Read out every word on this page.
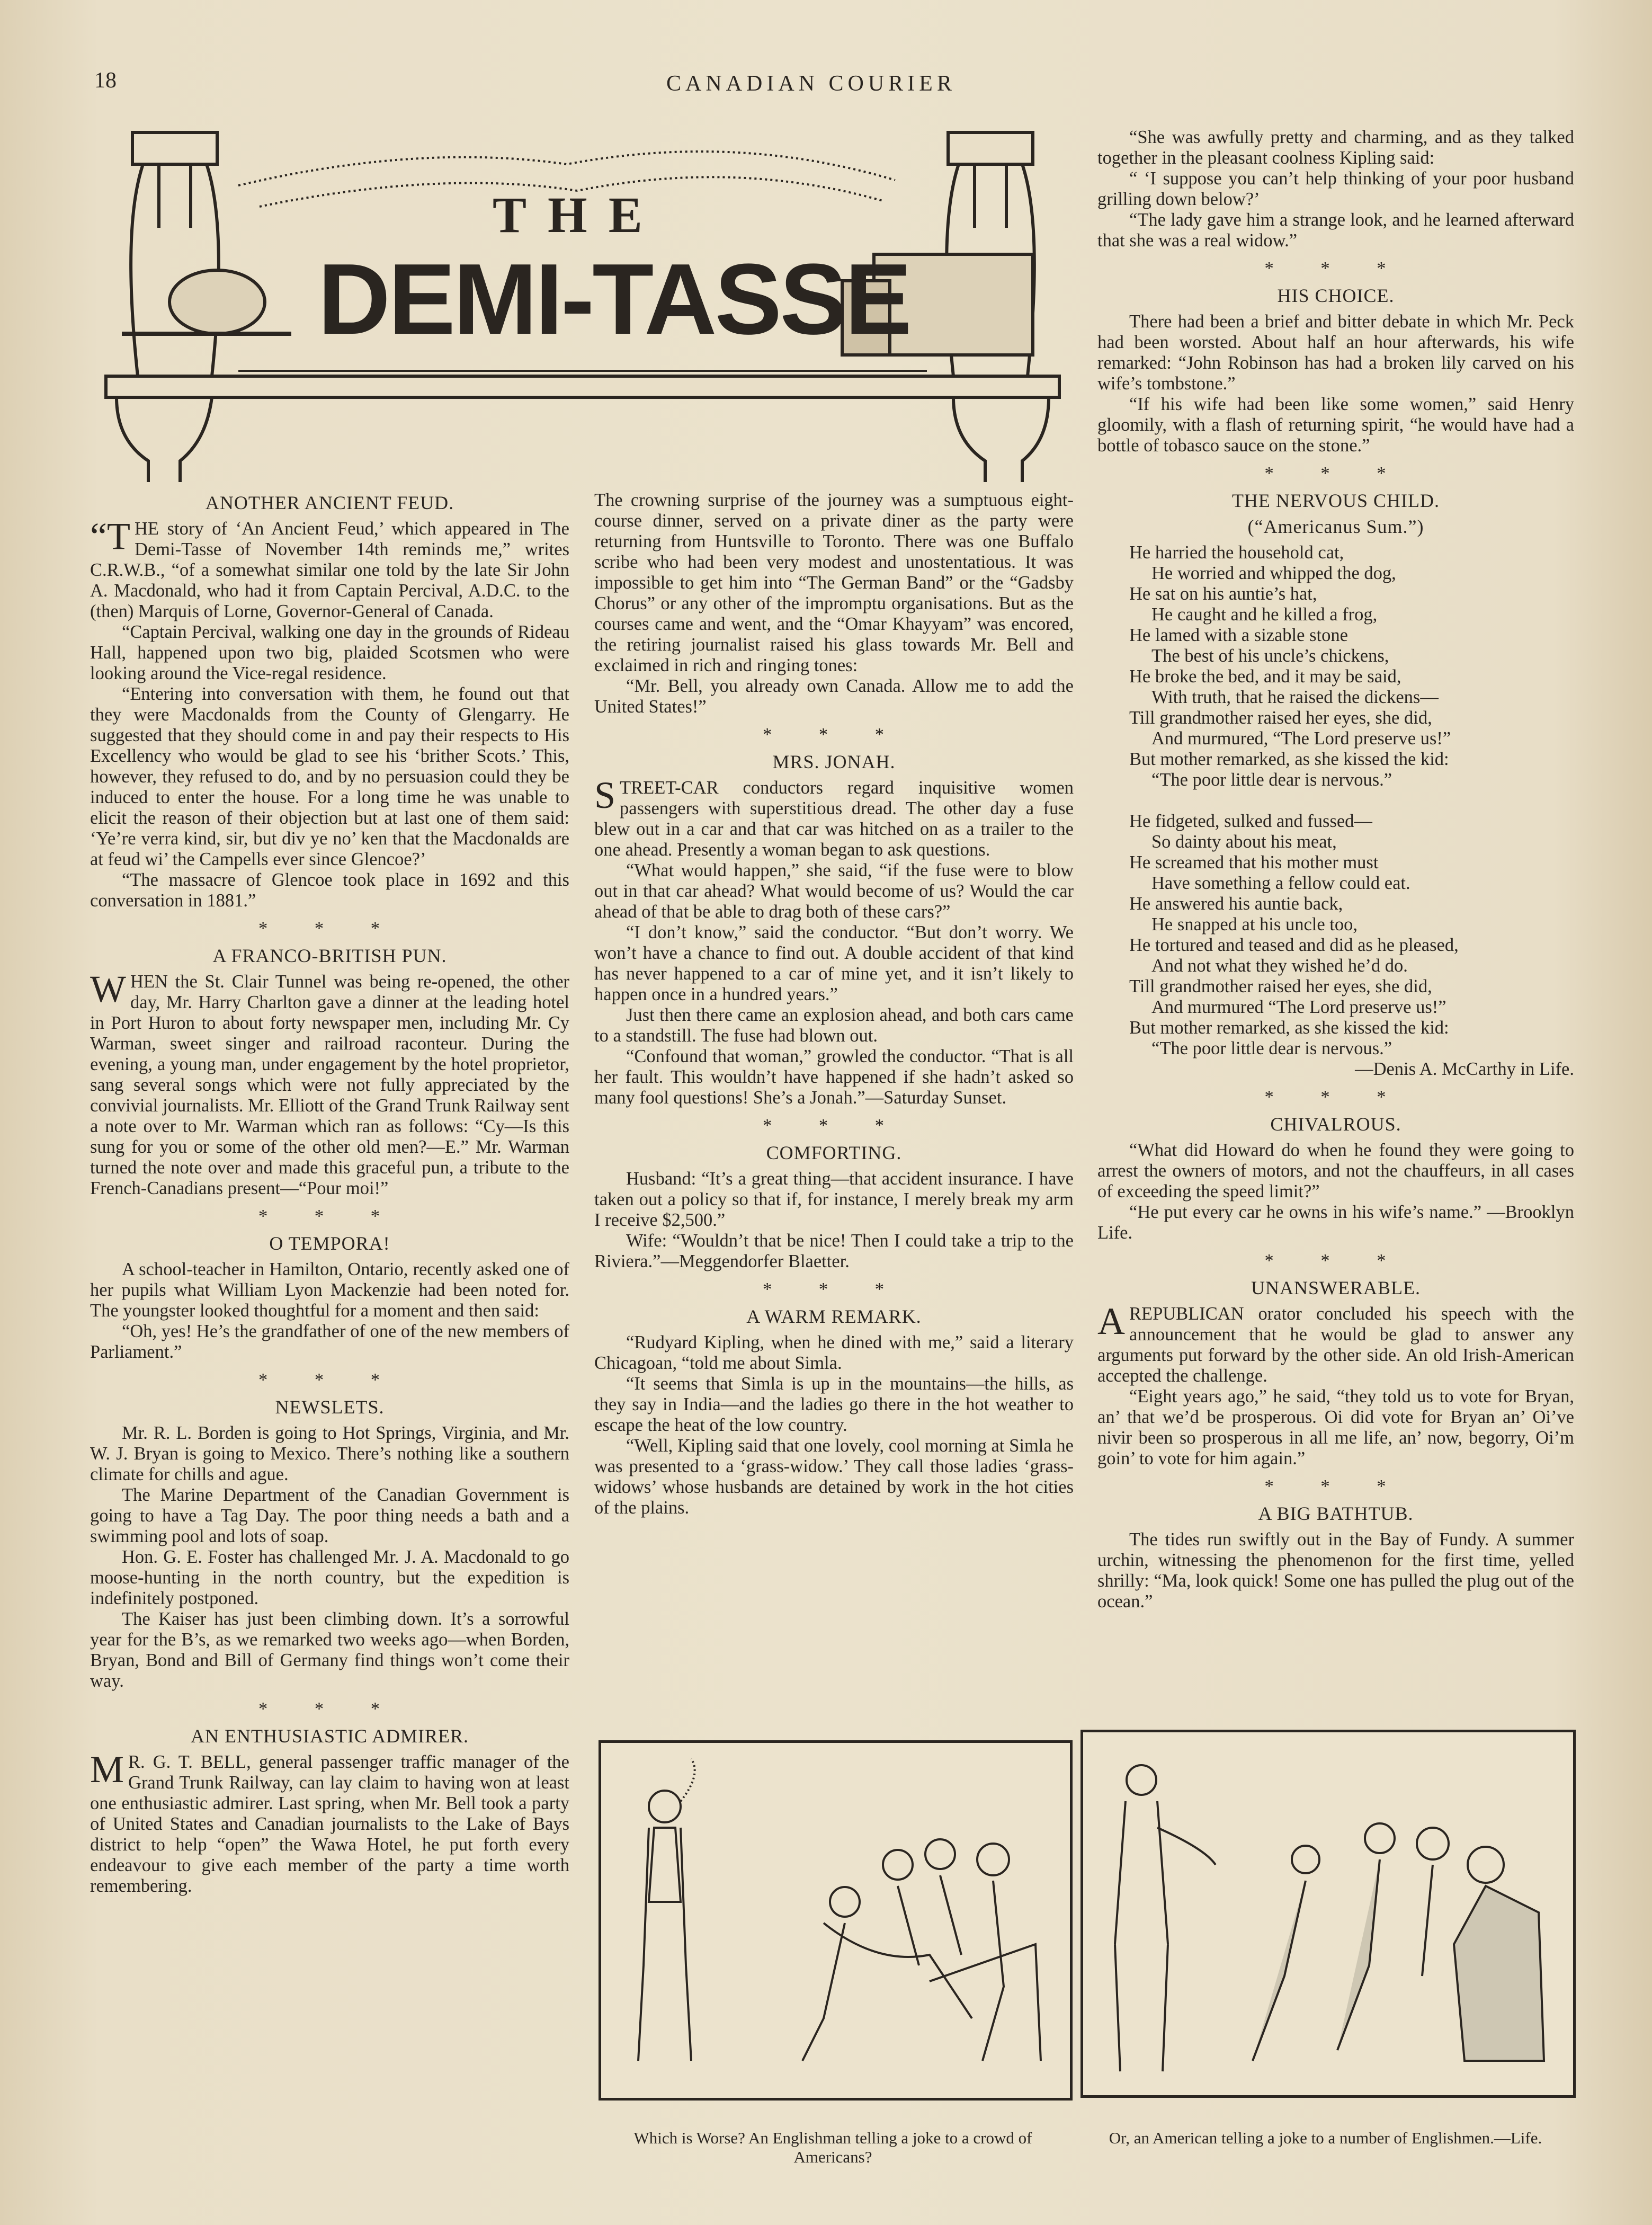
18	CANADIAN COURIER
THE
DEMI-TASSE
ANOTHER ANCIENT FEUD.

“THE story of ‘An Ancient Feud,’ which appeared in The Demi-Tasse of November 14th reminds me,” writes C.R.W.B., “of a somewhat similar one told by the late Sir John A. Macdonald, who had it from Captain Percival, A.D.C. to the (then) Marquis of Lorne, Governor-General of Canada.

“Captain Percival, walking one day in the grounds of Rideau Hall, happened upon two big, plaided Scotsmen who were looking around the Vice-regal residence.

“Entering into conversation with them, he found out that they were Macdonalds from the County of Glengarry. He suggested that they should come in and pay their respects to His Excellency who would be glad to see his ‘brither Scots.’ This, however, they refused to do, and by no persuasion could they be induced to enter the house. For a long time he was unable to elicit the reason of their objection but at last one of them said: ‘Ye’re verra kind, sir, but div ye no’ ken that the Macdonalds are at feud wi’ the Campells ever since Glencoe?’

“The massacre of Glencoe took place in 1692 and this conversation in 1881.”

* * *
A FRANCO-BRITISH PUN.

WHEN the St. Clair Tunnel was being re-opened, the other day, Mr. Harry Charlton gave a dinner at the leading hotel in Port Huron to about forty newspaper men, including Mr. Cy Warman, sweet singer and railroad raconteur. During the evening, a young man, under engagement by the hotel proprietor, sang several songs which were not fully appreciated by the convivial journalists. Mr. Elliott of the Grand Trunk Railway sent a note over to Mr. Warman which ran as follows: “Cy—Is this sung for you or some of the other old men?—E.” Mr. Warman turned the note over and made this graceful pun, a tribute to the French-Canadians present—“Pour moi!”

* * *
O TEMPORA!

A school-teacher in Hamilton, Ontario, recently asked one of her pupils what William Lyon Mackenzie had been noted for. The youngster looked thoughtful for a moment and then said:

“Oh, yes! He’s the grandfather of one of the new members of Parliament.”

* * *
NEWSLETS.

Mr. R. L. Borden is going to Hot Springs, Virginia, and Mr. W. J. Bryan is going to Mexico. There’s nothing like a southern climate for chills and ague.

The Marine Department of the Canadian Government is going to have a Tag Day. The poor thing needs a bath and a swimming pool and lots of soap.

Hon. G. E. Foster has challenged Mr. J. A. Macdonald to go moose-hunting in the north country, but the expedition is indefinitely postponed.

The Kaiser has just been climbing down. It’s a sorrowful year for the B’s, as we remarked two weeks ago—when Borden, Bryan, Bond and Bill of Germany find things won’t come their way.

* * *
AN ENTHUSIASTIC ADMIRER.

M R. G. T. BELL, general passenger traffic manager of the Grand Trunk Railway, can lay claim to having won at least one enthusiastic admirer. Last spring, when Mr. Bell took a party of United States and Canadian journalists to the Lake of Bays district to help “open” the Wawa Hotel, he put forth every endeavour to give each member of the party a time worth remembering.

The crowning surprise of the journey was a sumptuous eight-course dinner, served on a private diner as the party were returning from Huntsville to Toronto. There was one Buffalo scribe who had been very modest and unostentatious. It was impossible to get him into “The German Band” or the “Gadsby Chorus” or any other of the impromptu organisations. But as the courses came and went, and the “Omar Khayyam” was encored, the retiring journalist raised his glass towards Mr. Bell and exclaimed in rich and ringing tones:

“Mr. Bell, you already own Canada. Allow me to add the United States!”

* * *
MRS. JONAH.

STREET-CAR conductors regard inquisitive women passengers with superstitious dread. The other day a fuse blew out in a car and that car was hitched on as a trailer to the one ahead. Presently a woman began to ask questions.

“What would happen,” she said, “if the fuse were to blow out in that car ahead? What would become of us? Would the car ahead of that be able to drag both of these cars?”

“I don’t know,” said the conductor. “But don’t worry. We won’t have a chance to find out. A double accident of that kind has never happened to a car of mine yet, and it isn’t likely to happen once in a hundred years.”

Just then there came an explosion ahead, and both cars came to a standstill. The fuse had blown out.

“Confound that woman,” growled the conductor. “That is all her fault. This wouldn’t have happened if she hadn’t asked so many fool questions! She’s a Jonah.”—Saturday Sunset.

* * *
COMFORTING.

Husband: “It’s a great thing—that accident insurance. I have taken out a policy so that if, for instance, I merely break my arm I receive $2,500.”

Wife: “Wouldn’t that be nice! Then I could take a trip to the Riviera.”—Meggendorfer Blaetter.

* * *
A WARM REMARK.

“Rudyard Kipling, when he dined with me,” said a literary Chicagoan, “told me about Simla.

“It seems that Simla is up in the mountains—the hills, as they say in India—and the ladies go there in the hot weather to escape the heat of the low country.

“Well, Kipling said that one lovely, cool morning at Simla he was presented to a ‘grass-widow.’ They call those ladies ‘grass-widows’ whose husbands are detained by work in the hot cities of the plains.

“She was awfully pretty and charming, and as they talked together in the pleasant coolness Kipling said:

“ ‘I suppose you can’t help thinking of your poor husband grilling down below?’

“The lady gave him a strange look, and he learned afterward that she was a real widow.”

* * *
HIS CHOICE.

There had been a brief and bitter debate in which Mr. Peck had been worsted. About half an hour afterwards, his wife remarked: “John Robinson has had a broken lily carved on his wife’s tombstone.”

“If his wife had been like some women,” said Henry gloomily, with a flash of returning spirit, “he would have had a bottle of tobasco sauce on the stone.”

* * *
THE NERVOUS CHILD.
(“Americanus Sum.”)
He harried the household cat,
He worried and whipped the dog,
He sat on his auntie’s hat,
He caught and he killed a frog,
He lamed with a sizable stone
The best of his uncle’s chickens,
He broke the bed, and it may be said,
With truth, that he raised the dickens—
Till grandmother raised her eyes, she did,
And murmured, “The Lord preserve us!”
But mother remarked, as she kissed the kid:
“The poor little dear is nervous.”
He fidgeted, sulked and fussed—
So dainty about his meat,
He screamed that his mother must
Have something a fellow could eat.
He answered his auntie back,
He snapped at his uncle too,
He tortured and teased and did as he pleased,
And not what they wished he’d do.
Till grandmother raised her eyes, she did,
And murmured “The Lord preserve us!”
But mother remarked, as she kissed the kid:
“The poor little dear is nervous.”

—Denis A. McCarthy in Life.

* * *
CHIVALROUS.

“What did Howard do when he found they were going to arrest the owners of motors, and not the chauffeurs, in all cases of exceeding the speed limit?”

“He put every car he owns in his wife’s name.” —Brooklyn Life.

* * *
UNANSWERABLE.

AREPUBLICAN orator concluded his speech with the announcement that he would be glad to answer any arguments put forward by the other side. An old Irish-American accepted the challenge.

“Eight years ago,” he said, “they told us to vote for Bryan, an’ that we’d be prosperous. Oi did vote for Bryan an’ Oi’ve nivir been so prosperous in all me life, an’ now, begorry, Oi’m goin’ to vote for him again.”

* * *
A BIG BATHTUB.

The tides run swiftly out in the Bay of Fundy. A summer urchin, witnessing the phenomenon for the first time, yelled shrilly: “Ma, look quick! Some one has pulled the plug out of the ocean.”

Which is Worse? An Englishman telling a joke to a crowd of Americans?
Or, an American telling a joke to a number of Englishmen.—Life.
